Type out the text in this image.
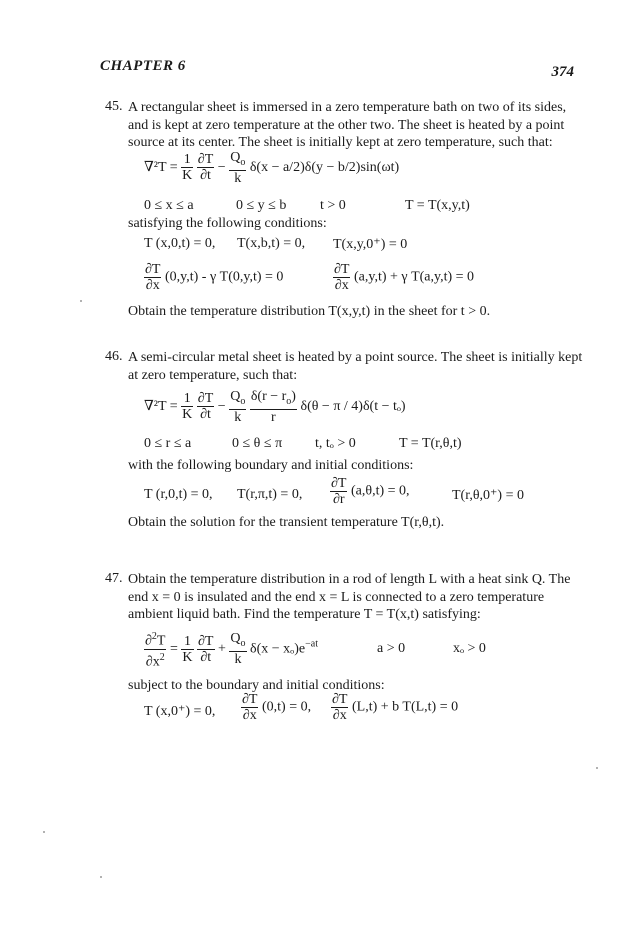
CHAPTER 6	374
45. A rectangular sheet is immersed in a zero temperature bath on two of its sides, and is kept at zero temperature at the other two. The sheet is heated by a point source at its center. The sheet is initially kept at zero temperature, such that:
$\nabla^2T = \frac{1}{K}$
$\frac{\partial T}{\partial t} - \frac{Q_o}{k} \delta(x - a/2)\delta(y - b/2)\sin(\omega t)$
0 ≤ x ≤ a	0 ≤ y ≤ b t > 0	T = T(x,y,t)
satisfying the following conditions:
T (x,0,t) = 0, T(x,b,t) = 0, T(x,y,0⁺) = 0
$\frac{\partial T}{\partial x} (0,y,t)$ - γ T(0,y,t) = 0	$\frac{\partial T}{\partial x} (a,y,t) + \gamma$ T(a,y,t) = 0
Obtain the temperature distribution T(x,y,t) in the sheet for t > 0.
46. A semi-circular metal sheet is heated by a point source. The sheet is initially kept at zero temperature, such that:
$\nabla^2T = \frac{1}{K}$
$\frac{\partial T}{\partial t} - \frac{Q_o}{k}$
$\frac{\delta(r - r_o)}{r} \delta(\theta - \pi / 4)\delta(t - t_o)$
0 ≤ r ≤ a	0 ≤ θ ≤ π t, tₒ > 0	T = T(r,θ,t)
with the following boundary and initial conditions:
T (r,0,t) = 0, T(r,π,t) = 0, $\frac{\partial T}{\partial r} (a,\theta,t) = 0$,	T(r,θ,0⁺) = 0
Obtain the solution for the transient temperature T(r,θ,t).
47. Obtain the temperature distribution in a rod of length L with a heat sink Q. The end x = 0 is insulated and the end x = L is connected to a zero temperature ambient liquid bath. Find the temperature T = T(x,t) satisfying:
$\frac{\partial^2T}{\partial x^2} = \frac{1}{K}$
$\frac{\partial T}{\partial t} + \frac{Q_o}{k} \delta(x - x_o)e^{-at}$	a > 0	xₒ > 0
subject to the boundary and initial conditions:
T (x,0⁺) = 0, $\frac{\partial T}{\partial x} (0,t) = 0$, $\frac{\partial T}{\partial x} (L,t) + b$ T(L,t) = 0
